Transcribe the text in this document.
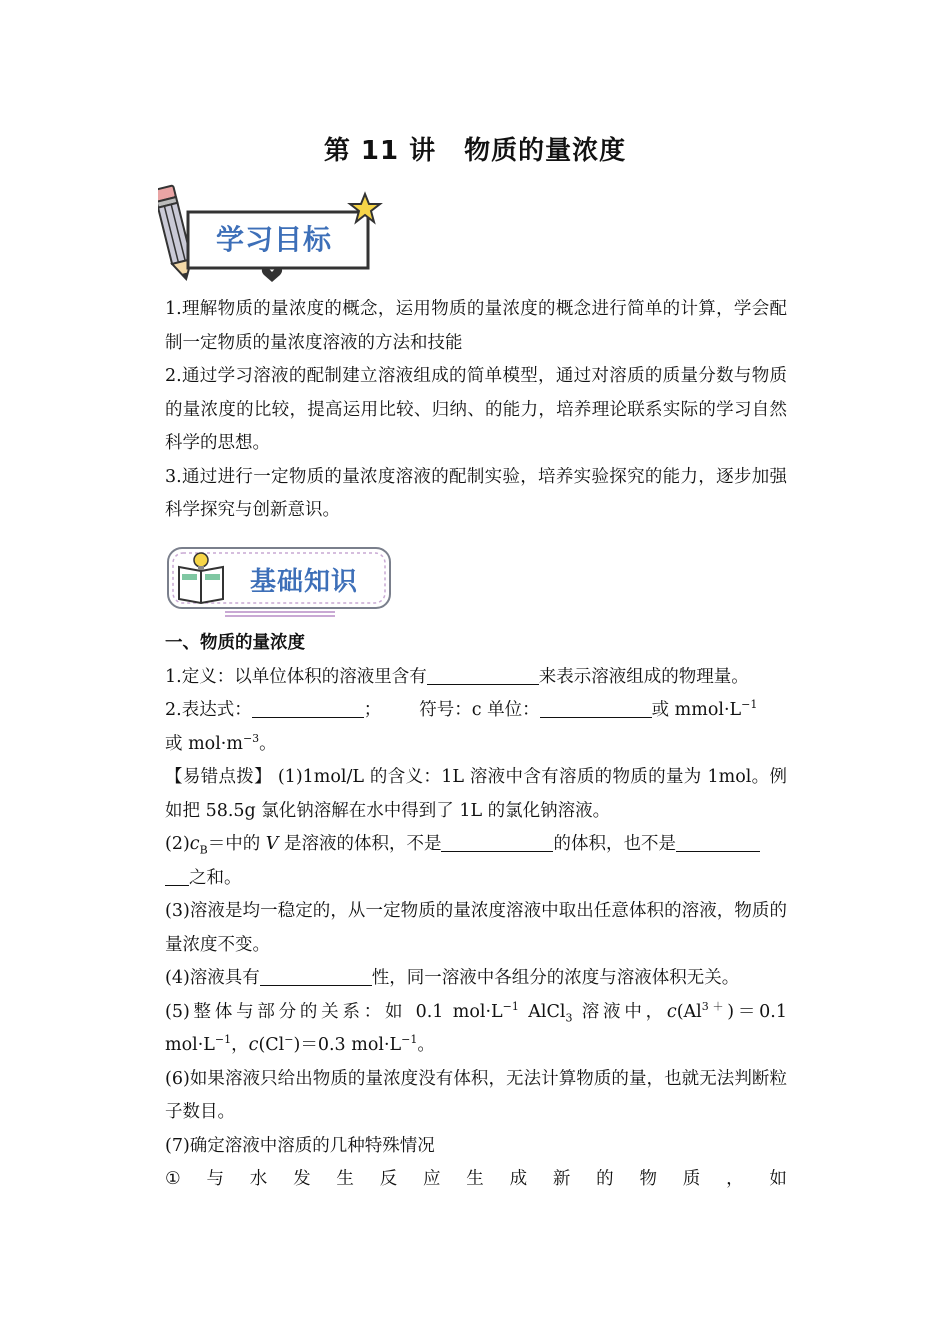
第 11 讲 物质的量浓度
学习目标

1.理解物质的量浓度的概念，运用物质的量浓度的概念进行简单的计算，学会配制一定物质的量浓度溶液的方法和技能

2.通过学习溶液的配制建立溶液组成的简单模型，通过对溶质的质量分数与物质的量浓度的比较，提高运用比较、归纳、的能力，培养理论联系实际的学习自然科学的思想。

3.通过进行一定物质的量浓度溶液的配制实验，培养实验探究的能力，逐步加强科学探究与创新意识。

基础知识

一、物质的量浓度

1.定义：以单位体积的溶液里含有	来表示溶液组成的物理量。

2.表达式：	； 符号：c 单位：	或 $mmol\cdot L^{-1}$
或 $mol\cdot m^{-3}$。

【易错点拨】 (1)1mol/L 的含义：1L 溶液中含有溶质的物质的量为 1mol。例如把 58.5g 氯化钠溶解在水中得到了 1L 的氯化钠溶液。

$(2)c_B=$中的 V 是溶液的体积，不是	的体积，也不是
之和。

(3)溶液是均一稳定的，从一定物质的量浓度溶液中取出任意体积的溶液，物质的量浓度不变。

(4)溶液具有	性，同一溶液中各组分的浓度与溶液体积无关。

(5)整体与部分的关系：如 0.1 $mol\cdot L^{-1}$ AlCl$_3$ 溶液中，$c(Al^{3+})=0.1$ $mol\cdot L^{-1}$，c(Cl−)＝0.3 $mol\cdot L^{-1}$。

(6)如果溶液只给出物质的量浓度没有体积，无法计算物质的量，也就无法判断粒子数目。

(7)确定溶液中溶质的几种特殊情况

① 与 水 发 生 反 应 生 成 新 的 物 质 ， 如
